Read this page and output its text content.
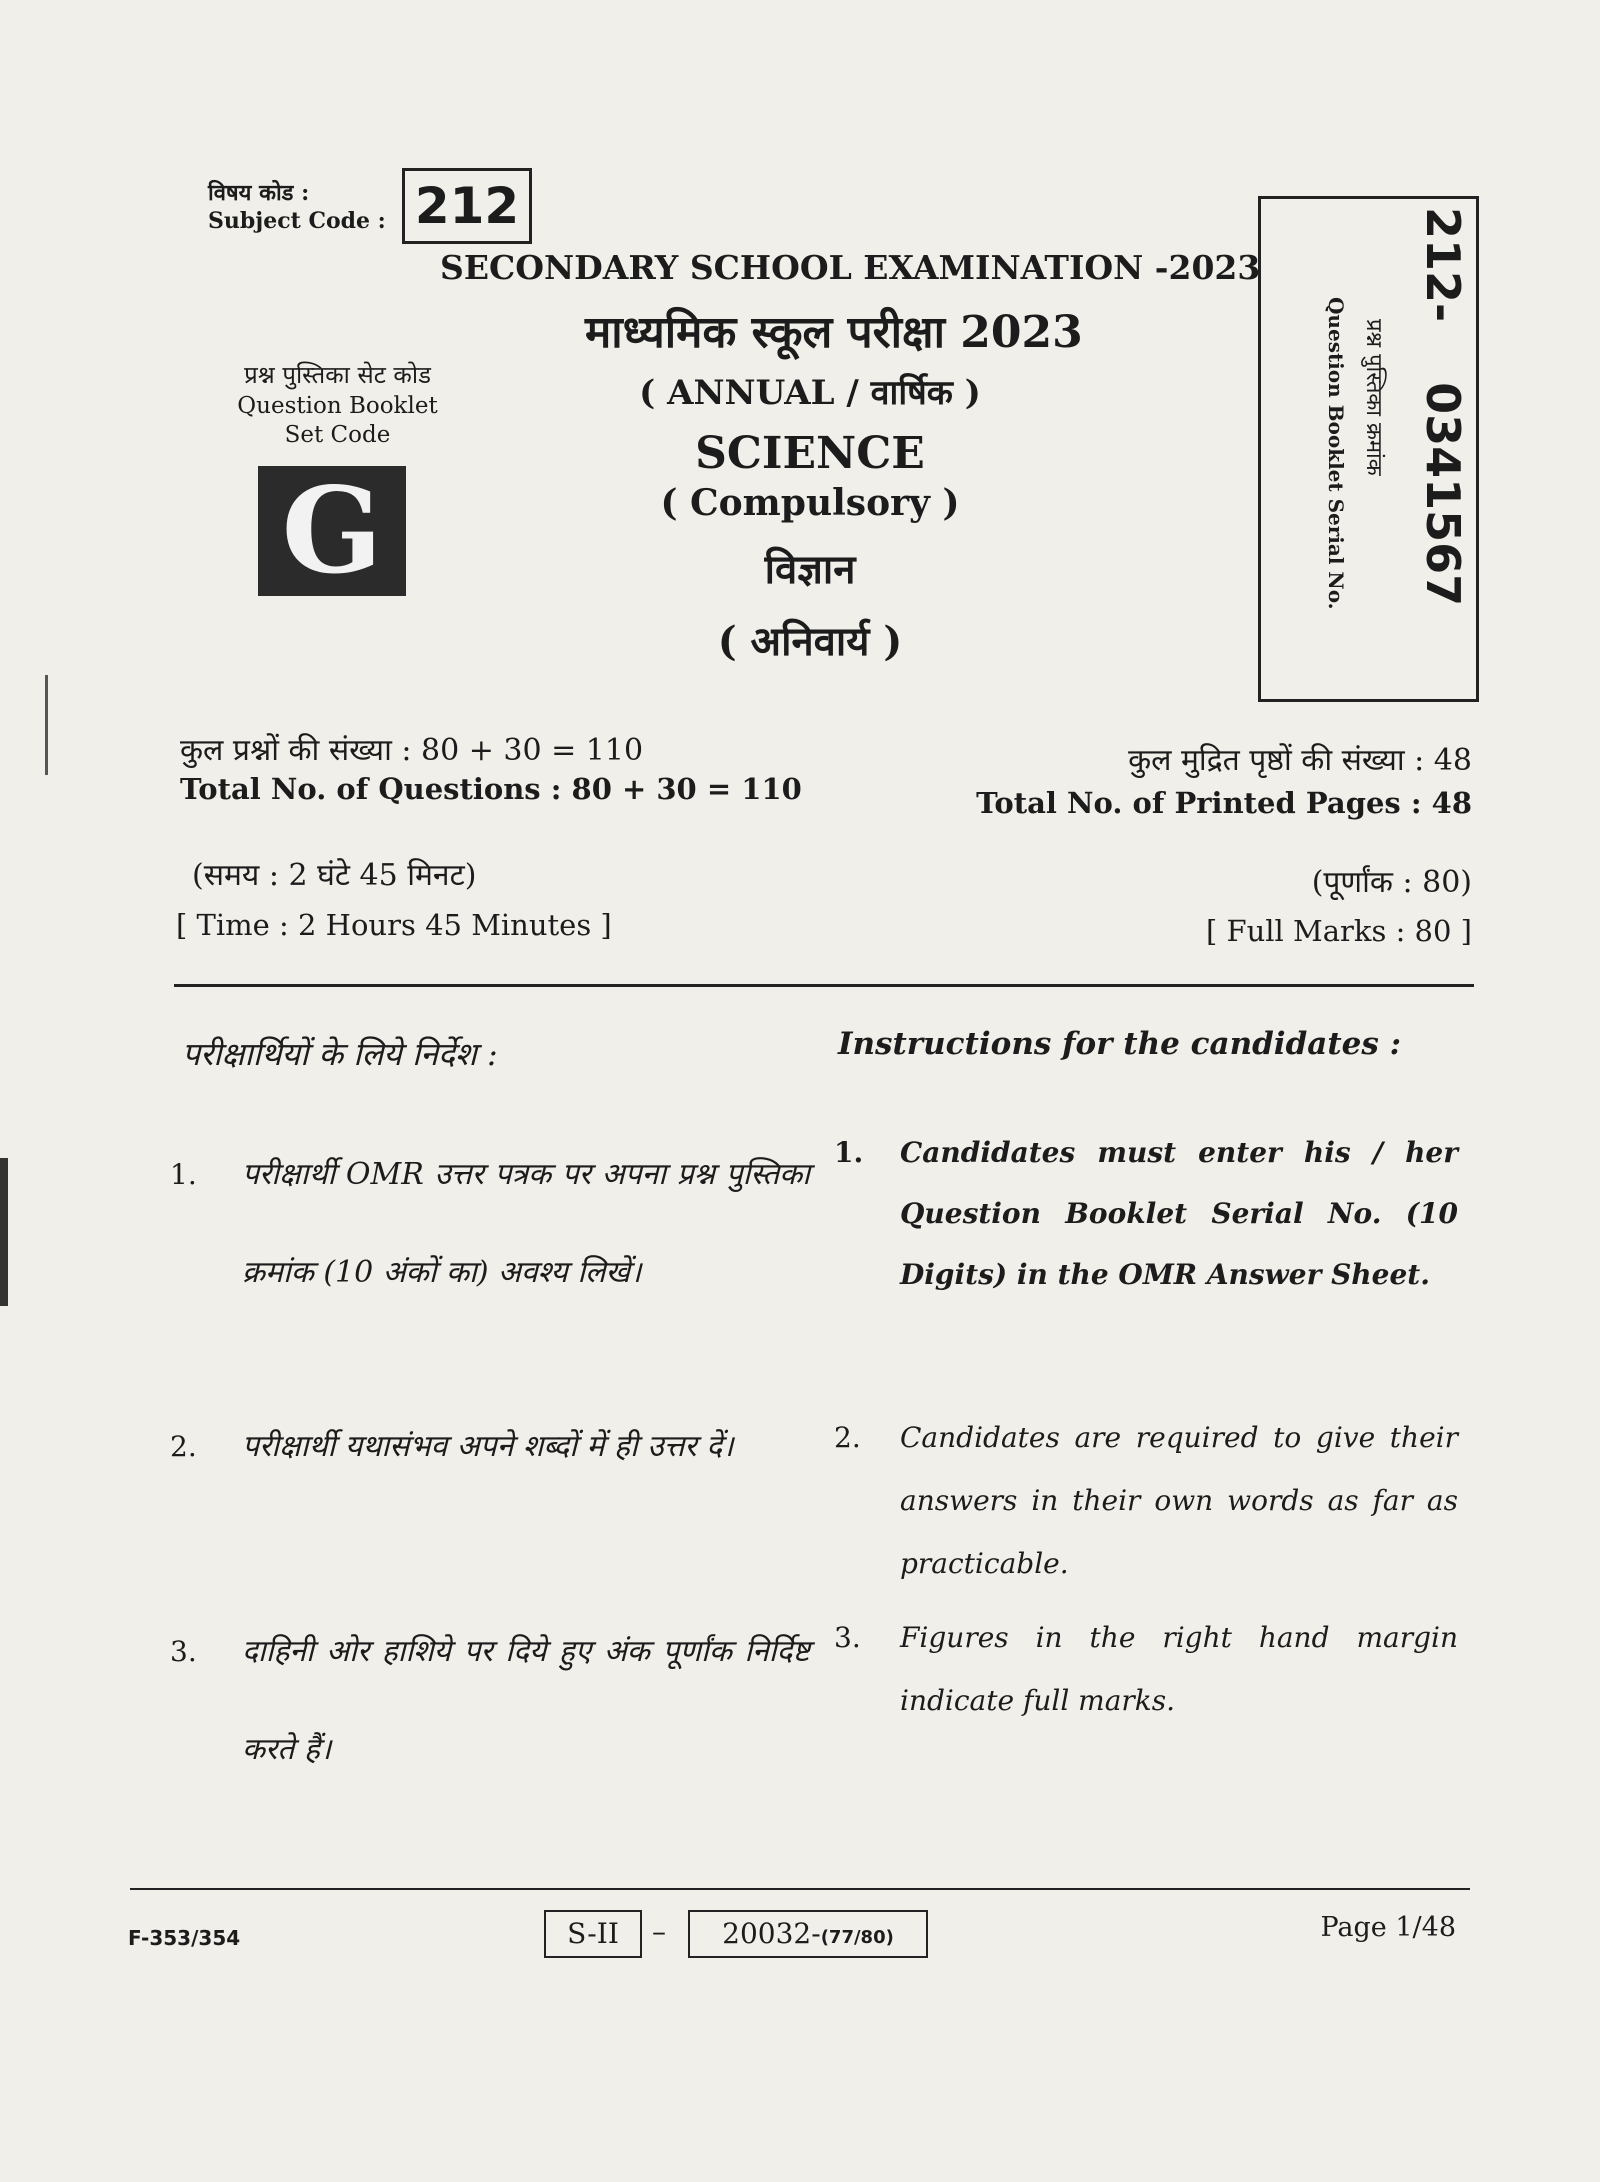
विषय कोड :
Subject Code : 212
SECONDARY SCHOOL EXAMINATION -2023
माध्यमिक स्कूल परीक्षा 2023
( ANNUAL / वार्षिक )
SCIENCE
( Compulsory )
विज्ञान
( अनिवार्य )
प्रश्न पुस्तिका सेट कोड
Question Booklet
Set Code
G
212-0341567
प्रश्न पुस्तिका क्रमांक
Question Booklet Serial No.
कुल प्रश्नों की संख्या : 80 + 30 = 110
Total No. of Questions : 80 + 30 = 110
कुल मुद्रित पृष्ठों की संख्या : 48
Total No. of Printed Pages : 48
(समय : 2 घंटे 45 मिनट)
[ Time : 2 Hours 45 Minutes ]
(पूर्णांक : 80)
[ Full Marks : 80 ]
परीक्षार्थियों के लिये निर्देश :	Instructions for the candidates :
1.	परीक्षार्थी OMR उत्तर पत्रक पर अपना प्रश्न पुस्तिका क्रमांक (10 अंकों का) अवश्य लिखें।
2.	परीक्षार्थी यथासंभव अपने शब्दों में ही उत्तर दें।
3.	दाहिनी ओर हाशिये पर दिये हुए अंक पूर्णांक निर्दिष्ट करते हैं।
1.	Candidates must enter his / her Question Booklet Serial No. (10 Digits) in the OMR Answer Sheet.
2.	Candidates are required to give their answers in their own words as far as practicable.
3.	Figures in the right hand margin indicate full marks.
F-353/354	S-II	–	20032-(77/80)	Page 1/48
